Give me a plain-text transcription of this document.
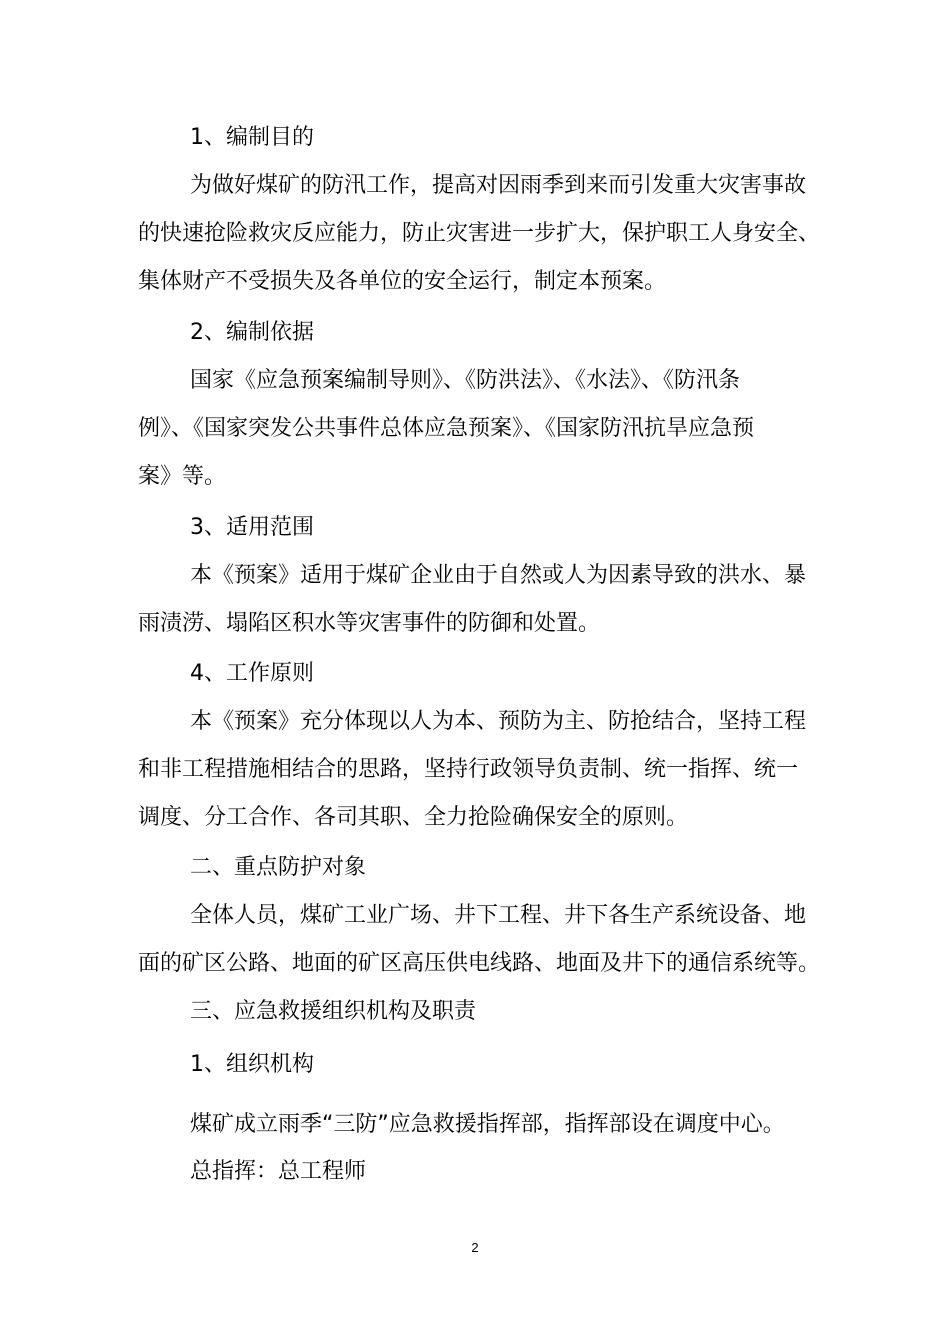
1、编制目的
为做好煤矿的防汛工作，提高对因雨季到来而引发重大灾害事故
的快速抢险救灾反应能力，防止灾害进一步扩大，保护职工人身安全、
集体财产不受损失及各单位的安全运行，制定本预案。
2、编制依据
国家《应急预案编制导则》、《防洪法》、《水法》、《防汛条
例》、《国家突发公共事件总体应急预案》、《国家防汛抗旱应急预
案》等。
3、适用范围
本《预案》适用于煤矿企业由于自然或人为因素导致的洪水、暴
雨渍涝、塌陷区积水等灾害事件的防御和处置。
4、工作原则
本《预案》充分体现以人为本、预防为主、防抢结合，坚持工程
和非工程措施相结合的思路，坚持行政领导负责制、统一指挥、统一
调度、分工合作、各司其职、全力抢险确保安全的原则。
二、重点防护对象
全体人员，煤矿工业广场、井下工程、井下各生产系统设备、地
面的矿区公路、地面的矿区高压供电线路、地面及井下的通信系统等。
三、应急救援组织机构及职责
1、组织机构
煤矿成立雨季“三防”应急救援指挥部，指挥部设在调度中心。
总指挥：总工程师
2
